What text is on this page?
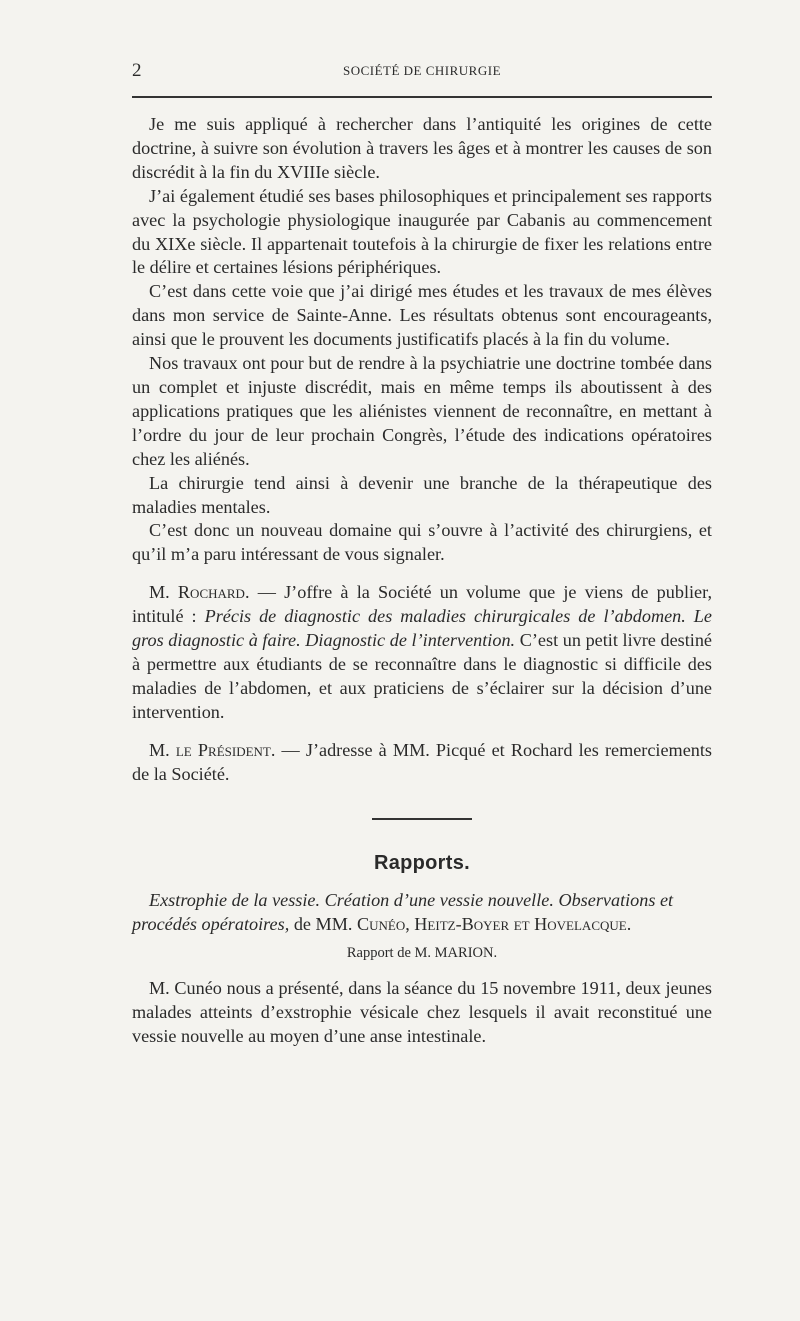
2	SOCIÉTÉ DE CHIRURGIE

Je me suis appliqué à rechercher dans l’antiquité les origines de cette doctrine, à suivre son évolution à travers les âges et à montrer les causes de son discrédit à la fin du XVIIIe siècle.

J’ai également étudié ses bases philosophiques et principalement ses rapports avec la psychologie physiologique inaugurée par Cabanis au commencement du XIXe siècle. Il appartenait toutefois à la chirurgie de fixer les relations entre le délire et certaines lésions périphériques.

C’est dans cette voie que j’ai dirigé mes études et les travaux de mes élèves dans mon service de Sainte-Anne. Les résultats obtenus sont encourageants, ainsi que le prouvent les documents justificatifs placés à la fin du volume.

Nos travaux ont pour but de rendre à la psychiatrie une doctrine tombée dans un complet et injuste discrédit, mais en même temps ils aboutissent à des applications pratiques que les aliénistes viennent de reconnaître, en mettant à l’ordre du jour de leur prochain Congrès, l’étude des indications opératoires chez les aliénés.

La chirurgie tend ainsi à devenir une branche de la thérapeutique des maladies mentales.

C’est donc un nouveau domaine qui s’ouvre à l’activité des chirurgiens, et qu’il m’a paru intéressant de vous signaler.

M. Rochard. — J’offre à la Société un volume que je viens de publier, intitulé : Précis de diagnostic des maladies chirurgicales de l’abdomen. Le gros diagnostic à faire. Diagnostic de l’intervention. C’est un petit livre destiné à permettre aux étudiants de se reconnaître dans le diagnostic si difficile des maladies de l’abdomen, et aux praticiens de s’éclairer sur la décision d’une intervention.

M. le Président. — J’adresse à MM. Picqué et Rochard les remerciements de la Société.

Rapports.

Exstrophie de la vessie. Création d’une vessie nouvelle. Observations et procédés opératoires, de MM. Cunéo, Heitz-Boyer et Hovelacque.

Rapport de M. MARION.

M. Cunéo nous a présenté, dans la séance du 15 novembre 1911, deux jeunes malades atteints d’exstrophie vésicale chez lesquels il avait reconstitué une vessie nouvelle au moyen d’une anse intestinale.
